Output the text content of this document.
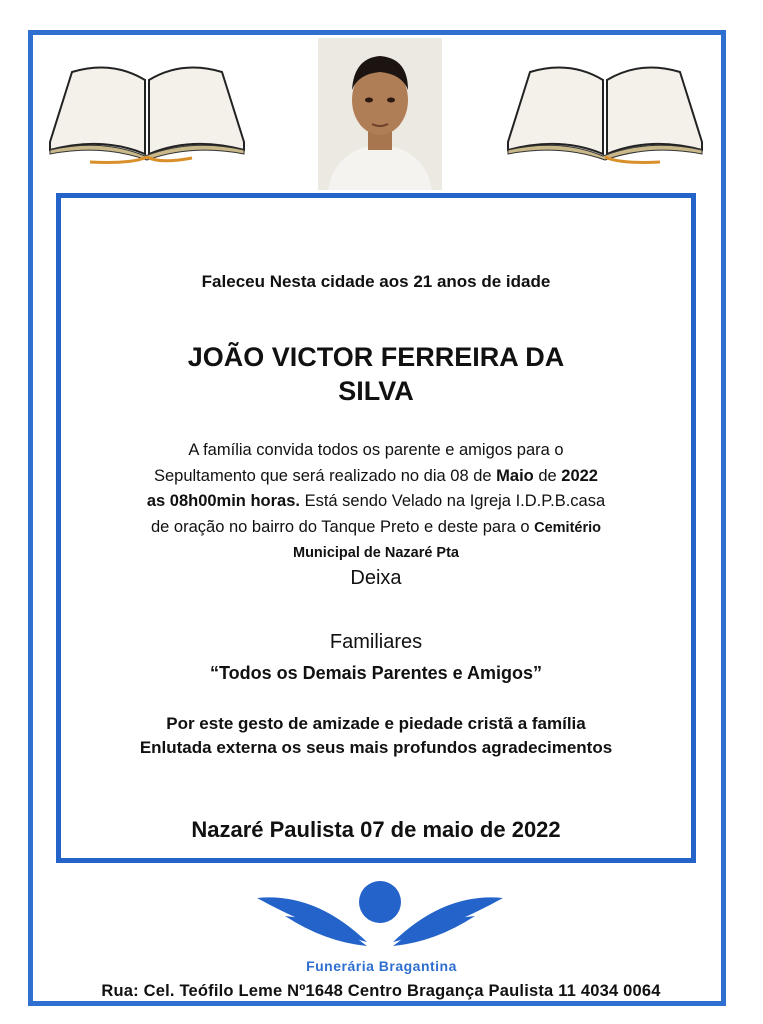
Faleceu Nesta cidade aos 21 anos de idade
JOÃO VICTOR FERREIRA DA
SILVA
A família convida todos os parente e amigos para o
Sepultamento que será realizado no dia 08 de Maio de 2022
as 08h00min horas. Está sendo Velado na Igreja I.D.P.B.casa
de oração no bairro do Tanque Preto e deste para o Cemitério
Municipal de Nazaré Pta
Deixa
Familiares
“Todos os Demais Parentes e Amigos”
Por este gesto de amizade e piedade cristã a família
Enlutada externa os seus mais profundos agradecimentos
Nazaré Paulista 07 de maio de 2022
Funerária Bragantina
Rua: Cel. Teófilo Leme Nº1648 Centro Bragança Paulista 11 4034 0064
